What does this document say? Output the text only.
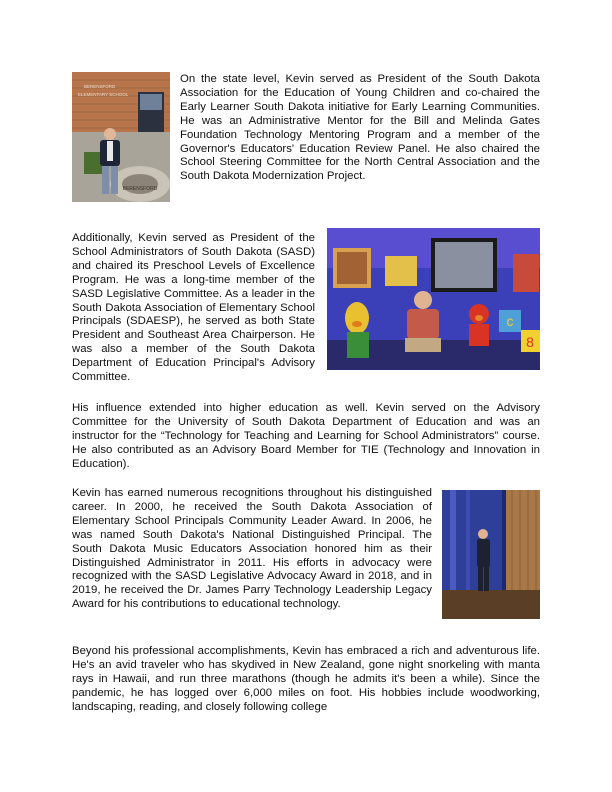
BERENSFORD
BERENSFORD
ELEMENTARY SCHOOL

On the state level, Kevin served as President of the South Dakota Association for the Education of Young Children and co-chaired the Early Learner South Dakota initiative for Early Learning Communities. He was an Administrative Mentor for the Bill and Melinda Gates Foundation Technology Mentoring Program and a member of the Governor's Educators' Education Review Panel. He also chaired the School Steering Committee for the North Central Association and the South Dakota Modernization Project.

Additionally, Kevin served as President of the School Administrators of South Dakota (SASD) and chaired its Preschool Levels of Excellence Program. He was a long-time member of the SASD Legislative Committee. As a leader in the South Dakota Association of Elementary School Principals (SDAESP), he served as both State President and Southeast Area Chairperson. He was also a member of the South Dakota Department of Education Principal's Advisory Committee.

c
8

His influence extended into higher education as well. Kevin served on the Advisory Committee for the University of South Dakota Department of Education and was an instructor for the “Technology for Teaching and Learning for School Administrators” course. He also contributed as an Advisory Board Member for TIE (Technology and Innovation in Education).

Kevin has earned numerous recognitions throughout his distinguished career. In 2000, he received the South Dakota Association of Elementary School Principals Community Leader Award. In 2006, he was named South Dakota's National Distinguished Principal. The South Dakota Music Educators Association honored him as their Distinguished Administrator in 2011. His efforts in advocacy were recognized with the SASD Legislative Advocacy Award in 2018, and in 2019, he received the Dr. James Parry Technology Leadership Legacy Award for his contributions to educational technology.

Beyond his professional accomplishments, Kevin has embraced a rich and adventurous life. He's an avid traveler who has skydived in New Zealand, gone night snorkeling with manta rays in Hawaii, and run three marathons (though he admits it's been a while). Since the pandemic, he has logged over 6,000 miles on foot. His hobbies include woodworking, landscaping, reading, and closely following college
